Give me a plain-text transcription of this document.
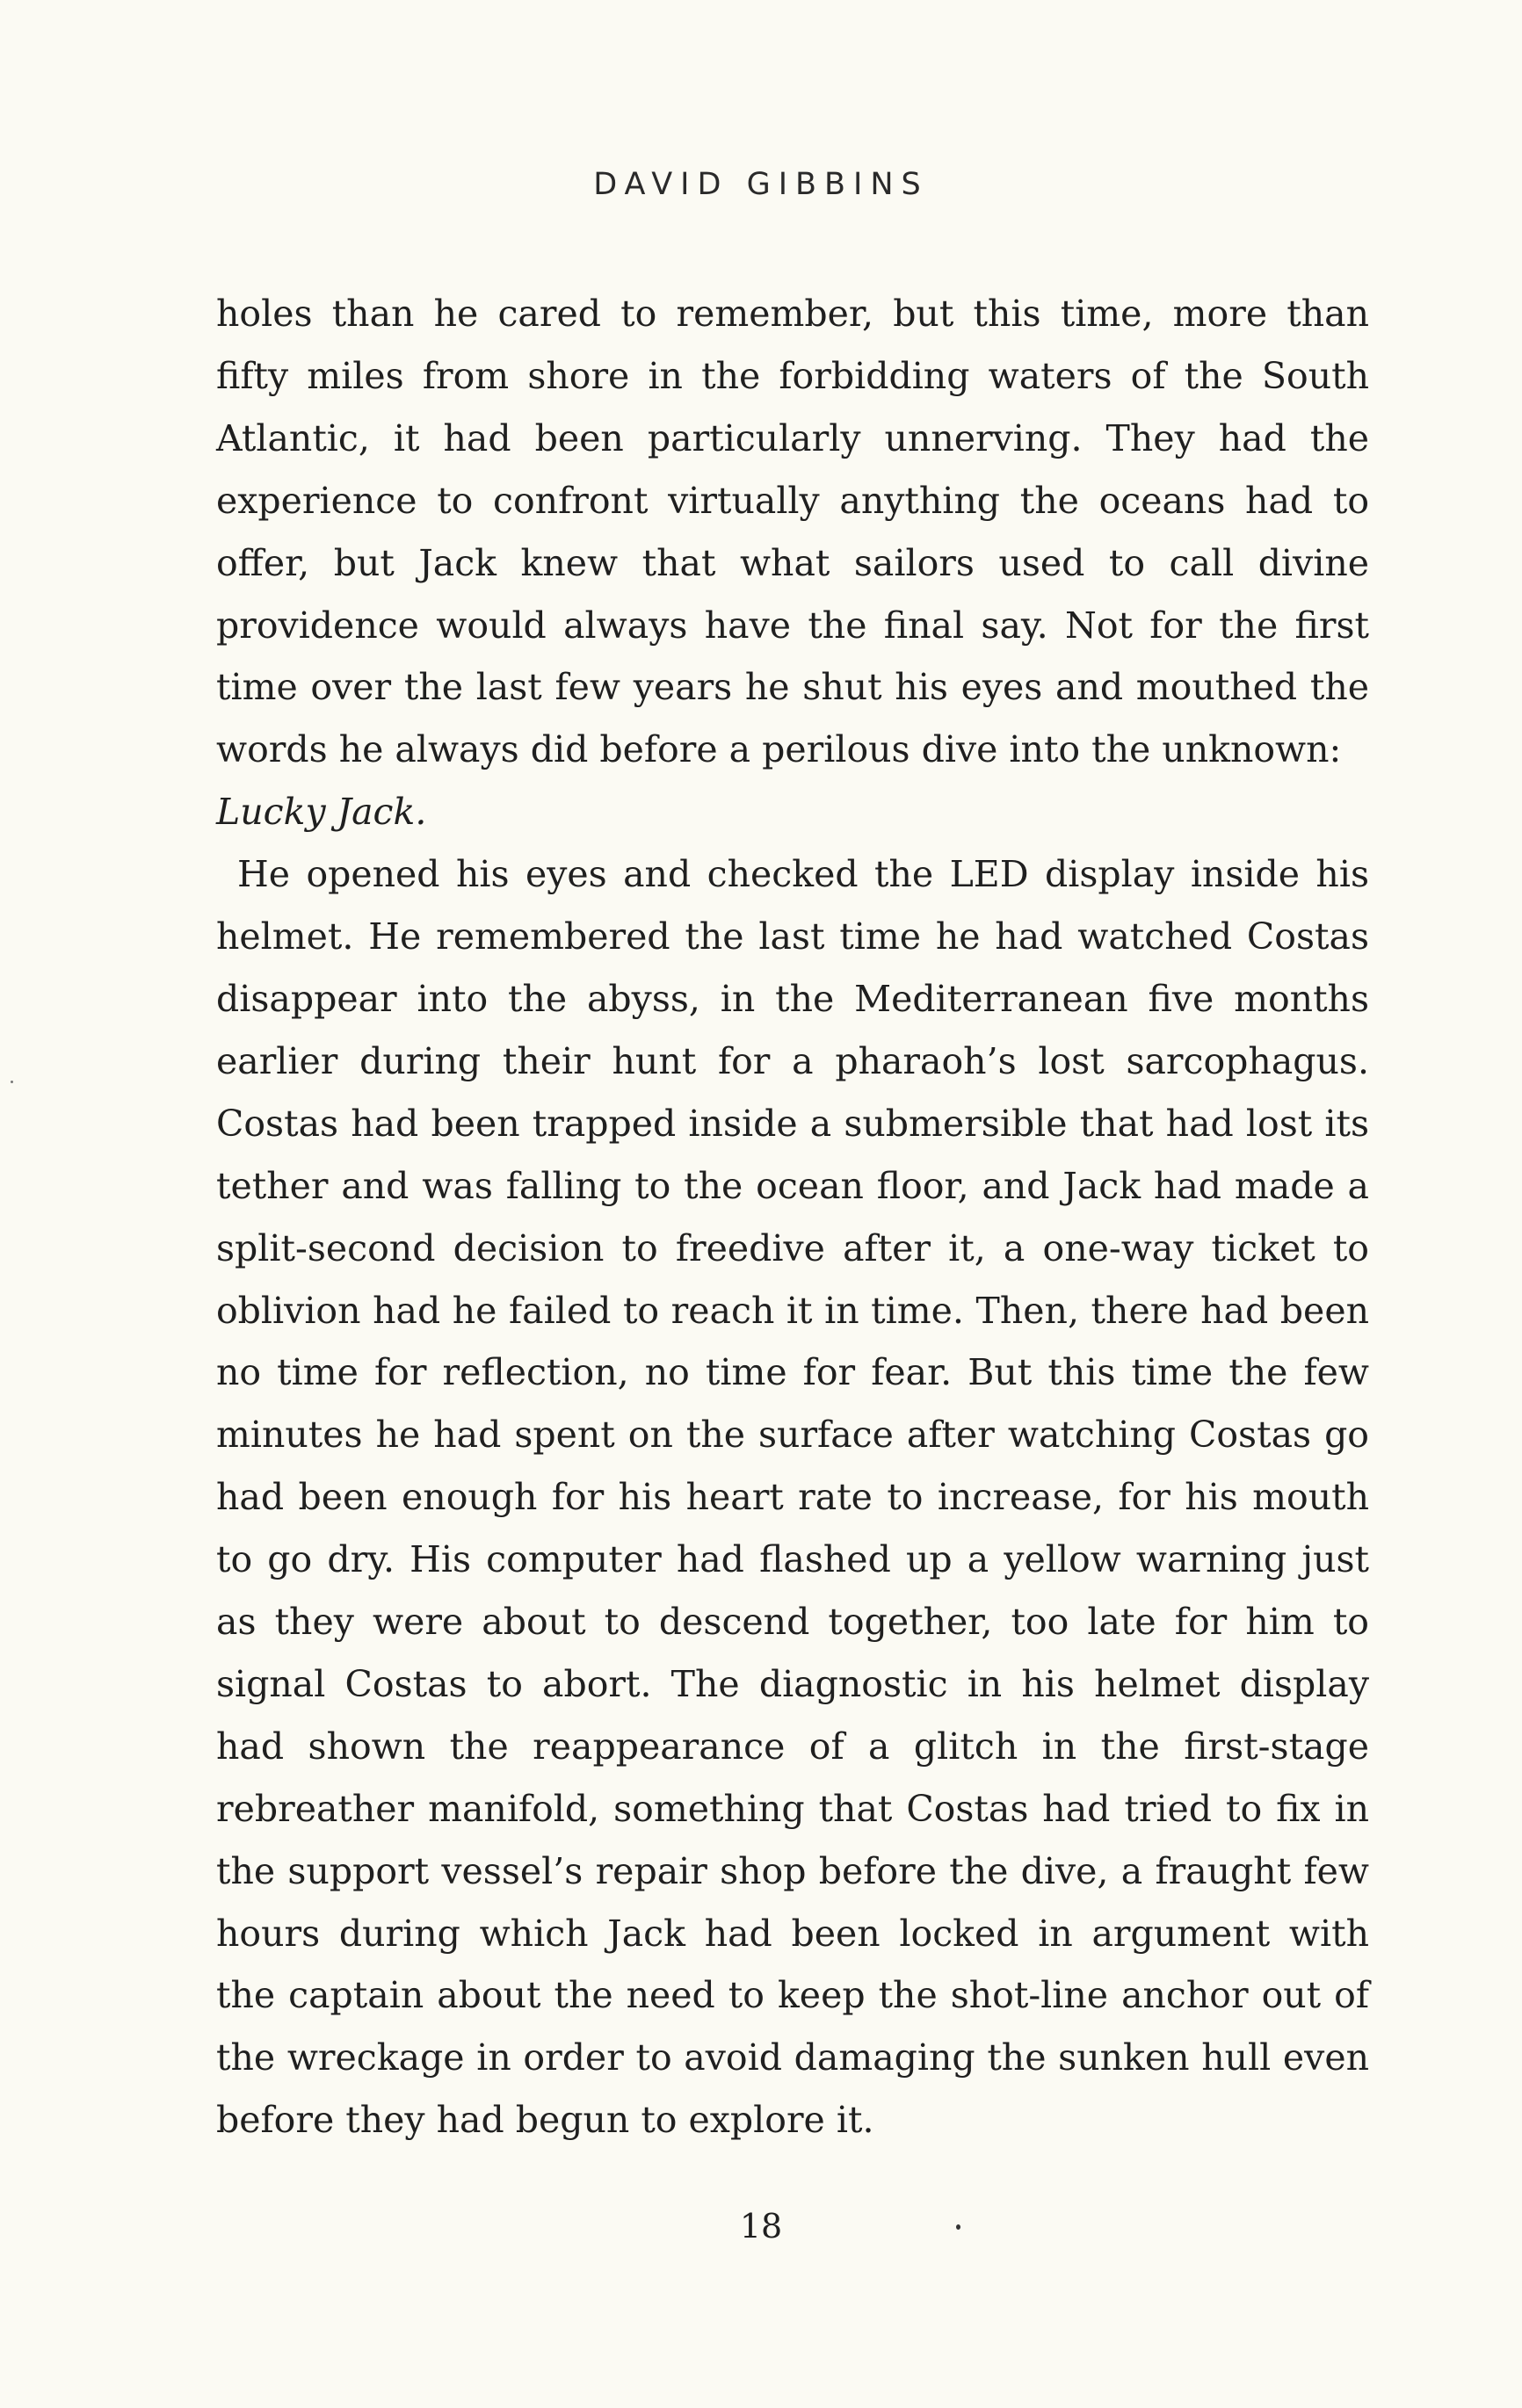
DAVID GIBBINS

holes than he cared to remember, but this time, more than fifty miles from shore in the forbidding waters of the South Atlantic, it had been particularly unnerving. They had the experience to confront virtually anything the oceans had to offer, but Jack knew that what sailors used to call divine providence would always have the final say. Not for the first time over the last few years he shut his eyes and mouthed the words he always did before a perilous dive into the unknown:
Lucky Jack.

He opened his eyes and checked the LED display inside his helmet. He remembered the last time he had watched Costas disappear into the abyss, in the Mediterranean five months earlier during their hunt for a pharaoh’s lost sarcophagus. Costas had been trapped inside a submersible that had lost its tether and was falling to the ocean floor, and Jack had made a split-second decision to freedive after it, a one-way ticket to oblivion had he failed to reach it in time. Then, there had been no time for reflection, no time for fear. But this time the few minutes he had spent on the surface after watching Costas go had been enough for his heart rate to increase, for his mouth to go dry. His computer had flashed up a yellow warning just as they were about to descend together, too late for him to signal Costas to abort. The diagnostic in his helmet display had shown the reappearance of a glitch in the first-stage rebreather manifold, something that Costas had tried to fix in the support vessel’s repair shop before the dive, a fraught few hours during which Jack had been locked in argument with the captain about the need to keep the shot-line anchor out of the wreckage in order to avoid damaging the sunken hull even before they had begun to explore it.

18
